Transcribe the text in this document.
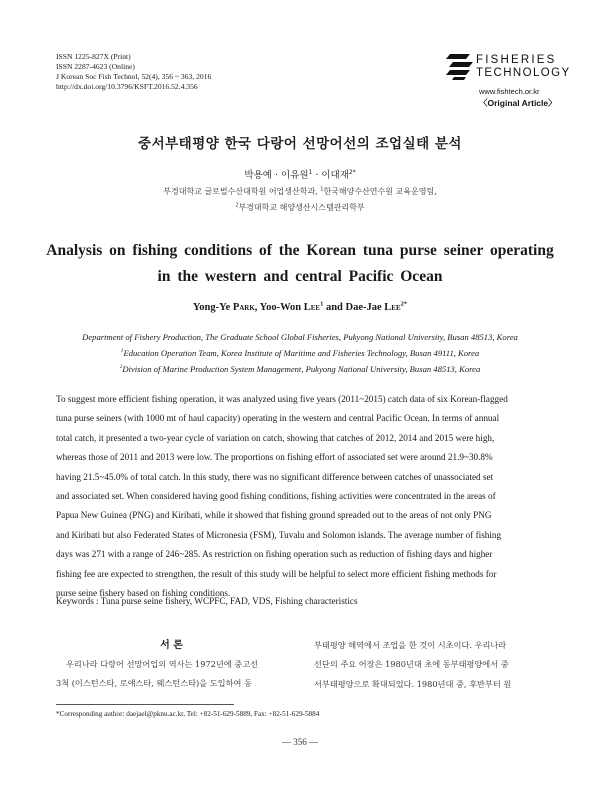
ISSN 1225-827X (Print)
ISSN 2287-4623 (Online)
J Korean Soc Fish Technol, 52(4), 356 ~ 363, 2016
http://dx.doi.org/10.3796/KSFT.2016.52.4.356
FISHERIES
TECHNOLOGY
www.fishtech.or.kr
〈Original Article〉
중서부태평양 한국 다랑어 선망어선의 조업실태 분석
박용예 · 이유원$^1$ · 이대재$^{2*}$
부경대학교 글로벌수산대학원 어업생산학과, $^1$한국해양수산연수원 교육운영팀,
$^2$부경대학교 해양생산시스템관리학부
Analysis on fishing conditions of the Korean tuna purse seiner operating
in the western and central Pacific Ocean
Yong-Ye Park, Yoo-Won Lee$^1$ and Dae-Jae Lee$^{2*}$
Department of Fishery Production, The Graduate School Global Fisheries, Pukyong National University, Busan 48513, Korea
$^1$Education Operation Team, Korea Institute of Maritime and Fisheries Technology, Busan 49111, Korea
$^2$Division of Marine Production System Management, Pukyong National University, Busan 48513, Korea
To suggest more efficient fishing operation, it was analyzed using five years (2011~2015) catch data of six Korean-flagged
tuna purse seiners (with 1000 mt of haul capacity) operating in the western and central Pacific Ocean. In terms of annual
total catch, it presented a two-year cycle of variation on catch, showing that catches of 2012, 2014 and 2015 were high,
whereas those of 2011 and 2013 were low. The proportions on fishing effort of associated set were around 21.9~30.8%
having 21.5~45.0% of total catch. In this study, there was no significant difference between catches of unassociated set
and associated set. When considered having good fishing conditions, fishing activities were concentrated in the areas of
Papua New Guinea (PNG) and Kiribati, while it showed that fishing ground spreaded out to the areas of not only PNG
and Kiribati but also Federated States of Micronesia (FSM), Tuvalu and Solomon islands. The average number of fishing
days was 271 with a range of 246~285. As restriction on fishing operation such as reduction of fishing days and higher
fishing fee are expected to strengthen, the result of this study will be helpful to select more efficient fishing methods for
purse seine fishery based on fishing conditions.
Keywords : Tuna purse seine fishery, WCPFC, FAD, VDS, Fishing characteristics
서 론
우리나라 다랑어 선망어업의 역사는 1972년에 중고선
3척 (이스턴스타, 로얘스타, 웨스턴스타)을 도입하여 동
부태평양 해역에서 조업을 한 것이 시초이다. 우리나라
선단의 주요 어장은 1980년대 초에 동부태평양에서 중
서부태평양으로 확대되었다. 1980년대 중, 후반부터 원
*Corresponding author: daejael@pknu.ac.kr, Tel: +82-51-629-5889, Fax: +82-51-629-5884
— 356 —
